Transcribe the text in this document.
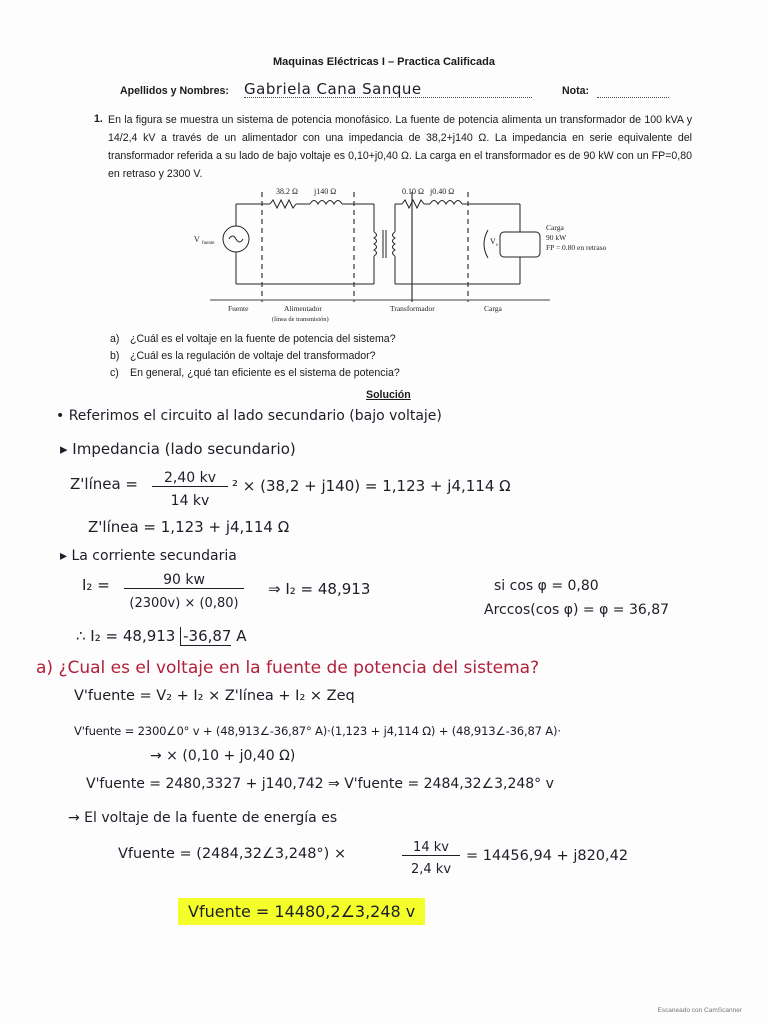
Maquinas Eléctricas I – Practica Calificada
Apellidos y Nombres: Gabriela Cana Sanque	Nota:
1. En la figura se muestra un sistema de potencia monofásico. La fuente de potencia alimenta un transformador de 100 kVA y 14/2,4 kV a través de un alimentador con una impedancia de 38,2+j140 Ω. La impedancia en serie equivalente del transformador referida a su lado de bajo voltaje es 0,10+j0,40 Ω. La carga en el transformador es de 90 kW con un FP=0,80 en retraso y 2300 V.
38.2 Ω j140 Ω	0.10 Ω j0.40 Ω
V fuente	V s
Carga
90 kW
FP = 0.80 en retraso
Fuente	Alimentador
(línea de transmisión)
Transformador	Carga
a) ¿Cuál es el voltaje en la fuente de potencia del sistema?
b) ¿Cuál es la regulación de voltaje del transformador?
c) En general, ¿qué tan eficiente es el sistema de potencia?
Solución
• Referimos el circuito al lado secundario (bajo voltaje)
▸ Impedancia (lado secundario)
Z'línea =	2,40 kv
14 kv
² × (38,2 + j140) = 1,123 + j4,114 Ω
Z'línea = 1,123 + j4,114 Ω
▸ La corriente secundaria
I₂ =	90 kw
(2300v) × (0,80)
⇒ I₂ = 48,913	si cos φ = 0,80
Arccos(cos φ) = φ = 36,87
∴ I₂ = 48,913 -36,87 A
a) ¿Cual es el voltaje en la fuente de potencia del sistema?
V'fuente = V₂ + I₂ × Z'línea + I₂ × Zeq
V'fuente = 2300∠0° v + (48,913∠-36,87° A)·(1,123 + j4,114 Ω) + (48,913∠-36,87 A)·
→ × (0,10 + j0,40 Ω)
V'fuente = 2480,3327 + j140,742 ⇒ V'fuente = 2484,32∠3,248° v
→ El voltaje de la fuente de energía es
Vfuente = (2484,32∠3,248°) ×	14 kv
2,4 kv
= 14456,94 + j820,42
Vfuente = 14480,2∠3,248 v
Escaneado con CamScanner
